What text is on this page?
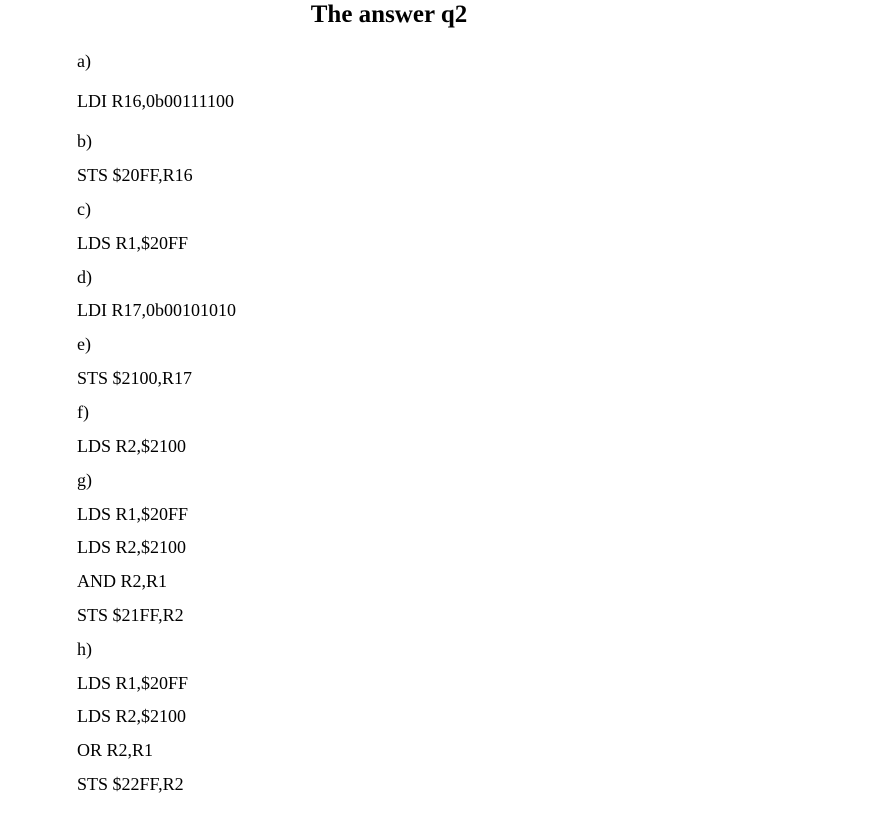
The answer q2
a)
LDI R16,0b00111100
b)
STS $20FF,R16
c)
LDS R1,$20FF
d)
LDI R17,0b00101010
e)
STS $2100,R17
f)
LDS R2,$2100
g)
LDS R1,$20FF
LDS R2,$2100
AND R2,R1
STS $21FF,R2
h)
LDS R1,$20FF
LDS R2,$2100
OR R2,R1
STS $22FF,R2
